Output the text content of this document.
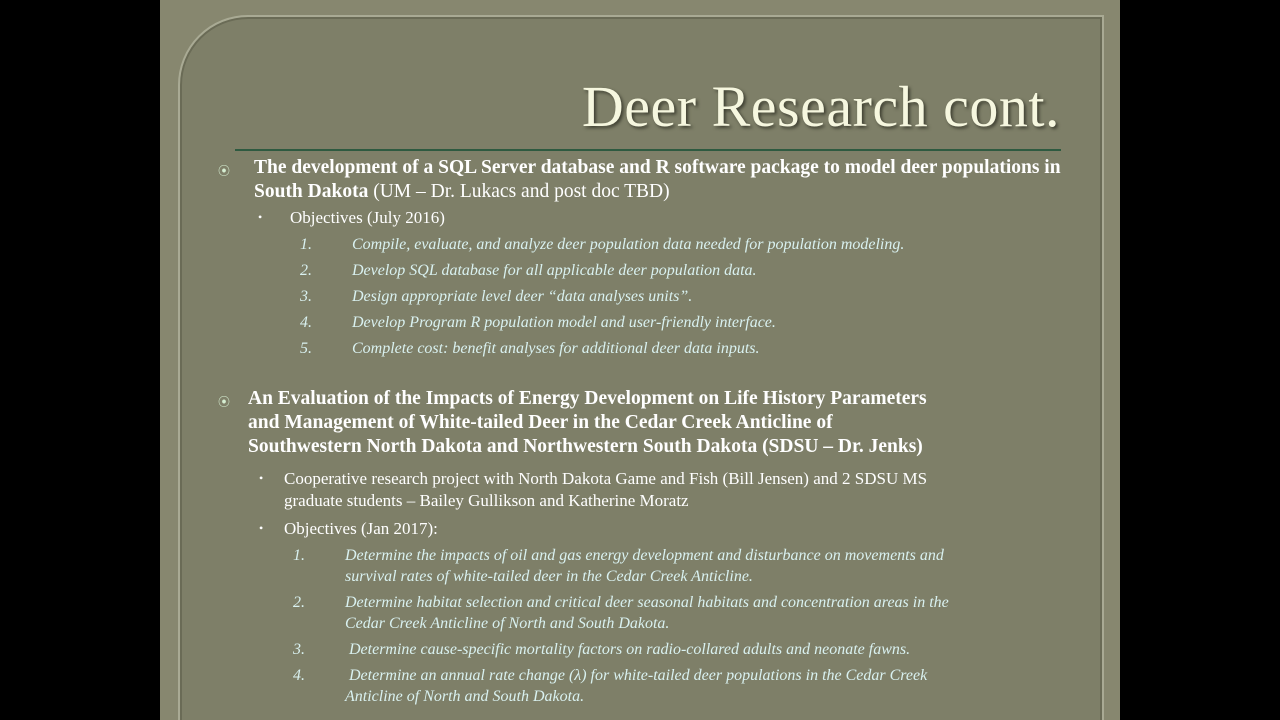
Deer Research cont.
⦿ The development of a SQL Server database and R software package to model deer populations in South Dakota (UM – Dr. Lukacs and post doc TBD)
• Objectives (July 2016)
1.	Compile, evaluate, and analyze deer population data needed for population modeling.
2.	Develop SQL database for all applicable deer population data.
3.	Design appropriate level deer “data analyses units”.
4.	Develop Program R population model and user-friendly interface.
5.	Complete cost: benefit analyses for additional deer data inputs.
⦿ An Evaluation of the Impacts of Energy Development on Life History Parameters
and Management of White-tailed Deer in the Cedar Creek Anticline of
Southwestern North Dakota and Northwestern South Dakota (SDSU – Dr. Jenks)
• Cooperative research project with North Dakota Game and Fish (Bill Jensen) and 2 SDSU MS
graduate students – Bailey Gullikson and Katherine Moratz
• Objectives (Jan 2017):
1.	Determine the impacts of oil and gas energy development and disturbance on movements and
survival rates of white-tailed deer in the Cedar Creek Anticline.
2.	Determine habitat selection and critical deer seasonal habitats and concentration areas in the
Cedar Creek Anticline of North and South Dakota.
3.	Determine cause-specific mortality factors on radio-collared adults and neonate fawns.
4.	Determine an annual rate change (λ) for white-tailed deer populations in the Cedar Creek
Anticline of North and South Dakota.
